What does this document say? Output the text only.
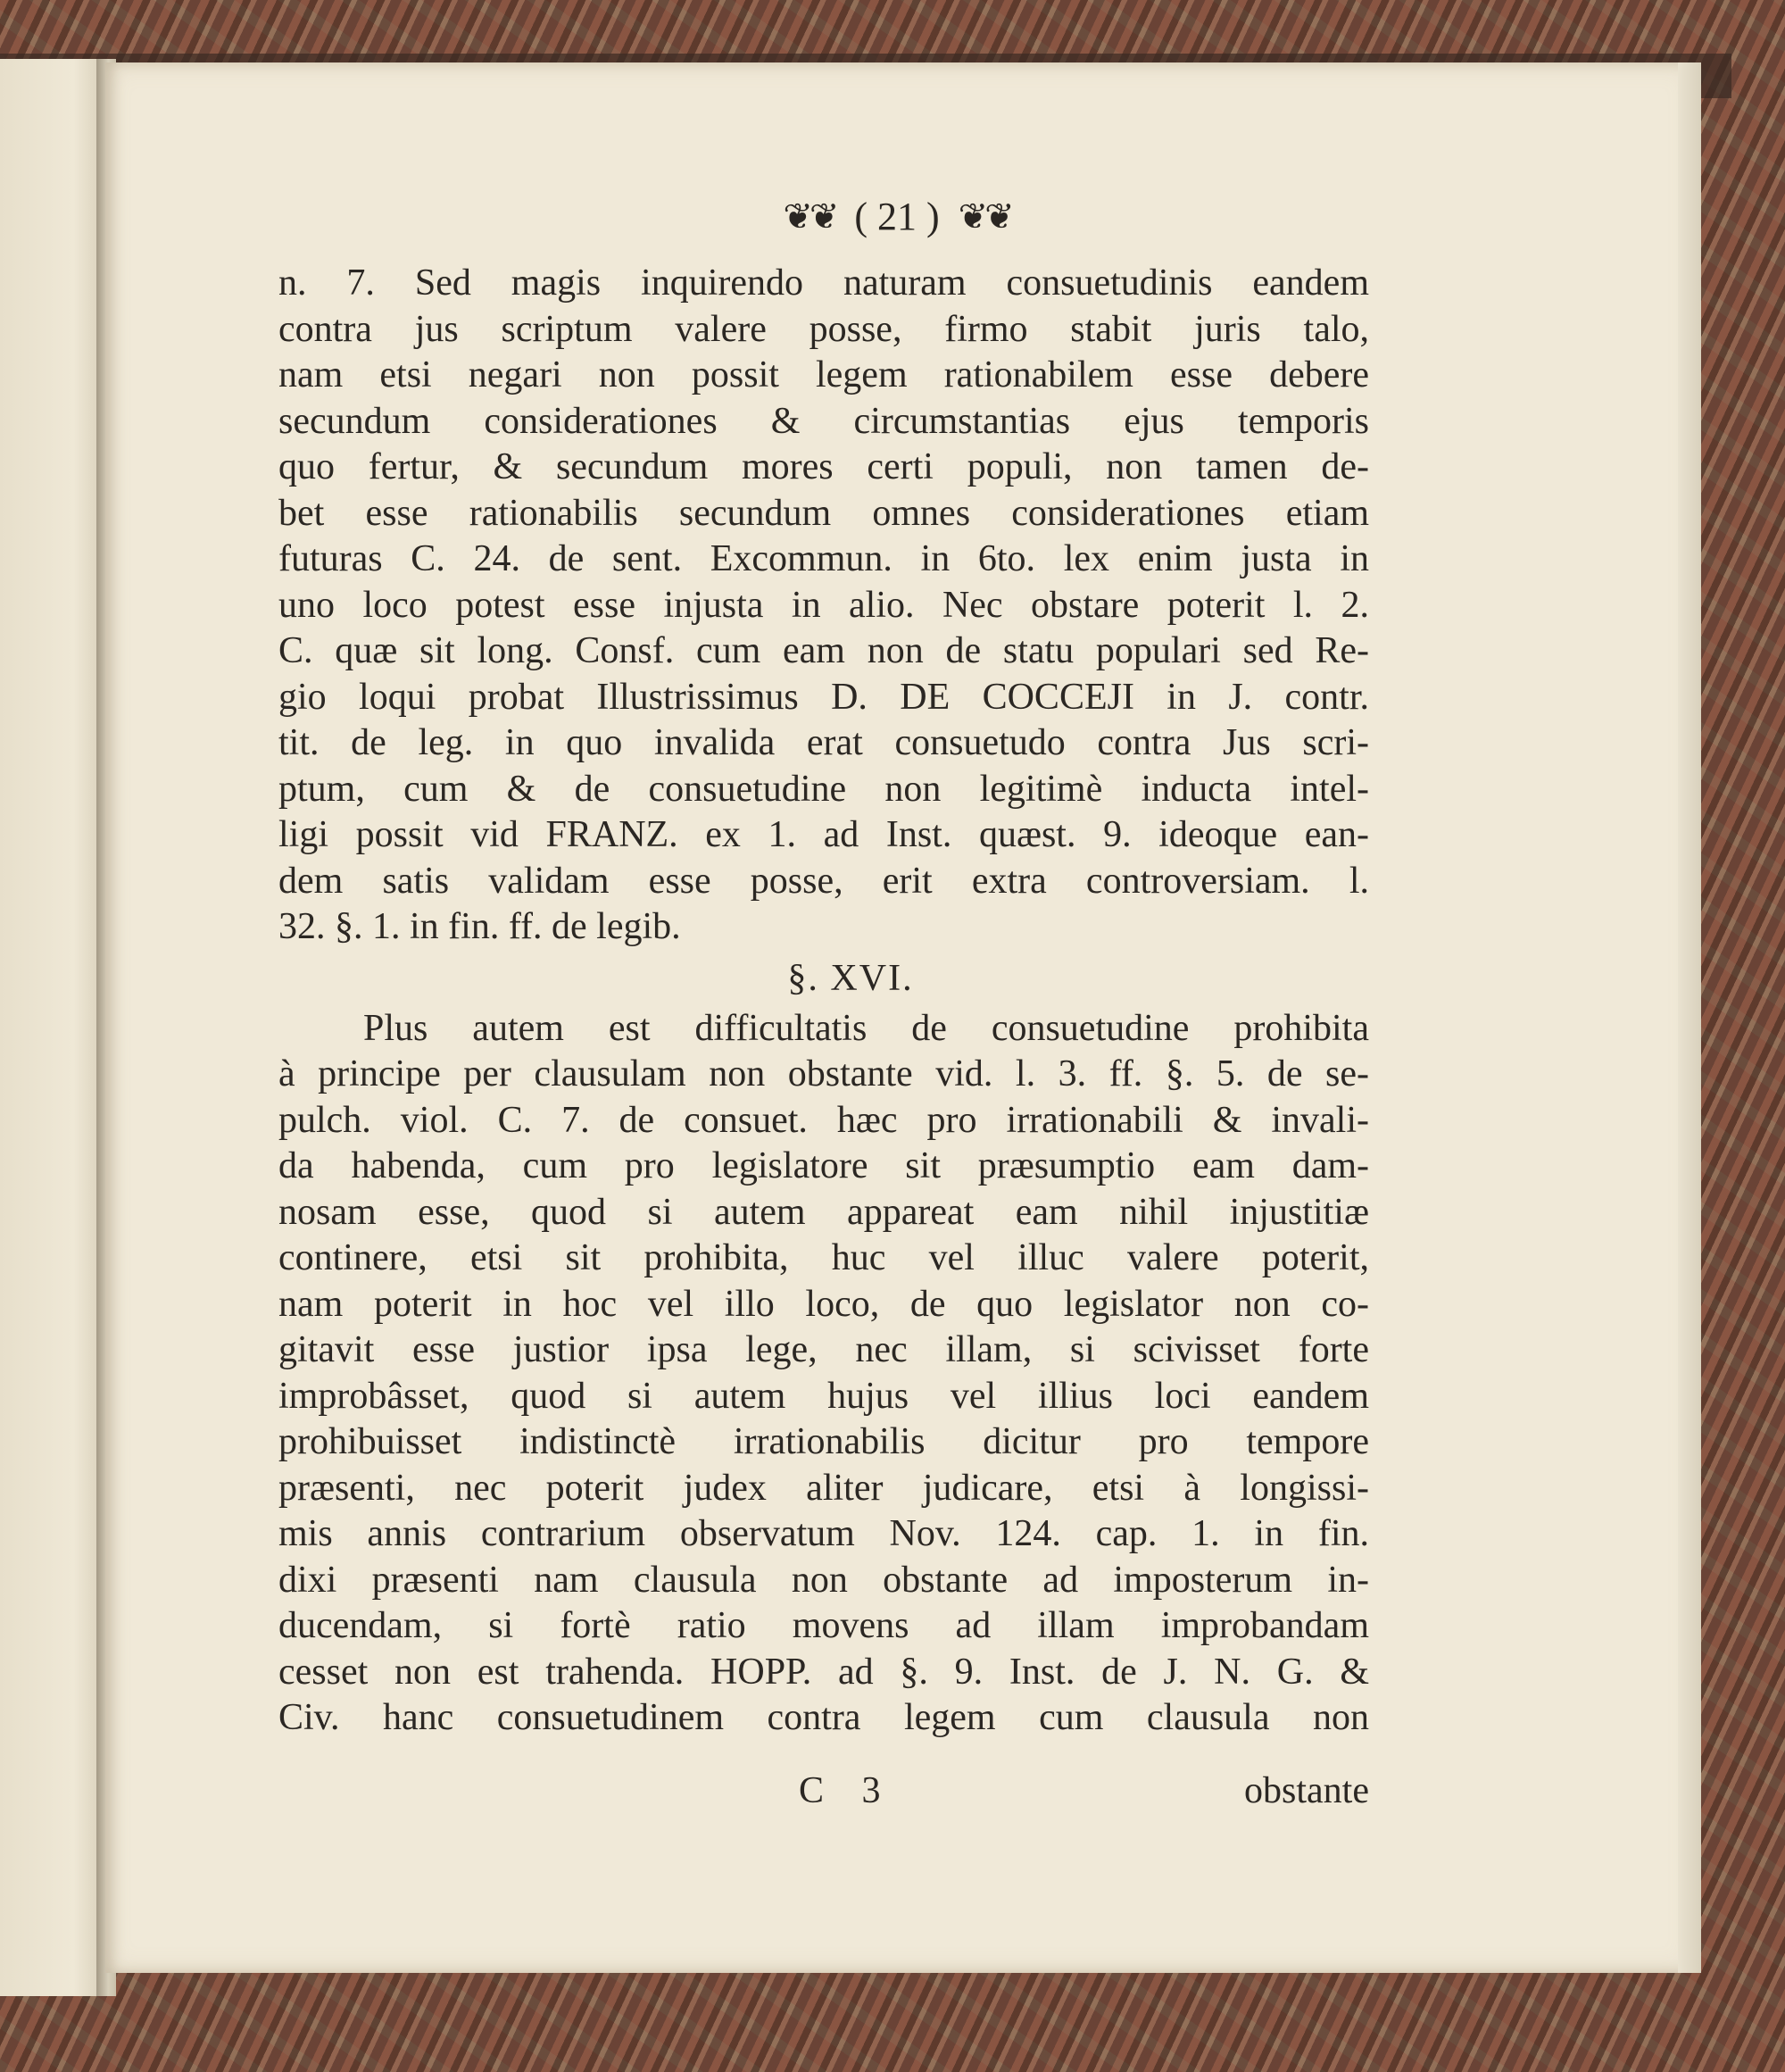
❦❦ ( 21 ) ❦❦
n. 7. Sed magis inquirendo naturam consuetudinis eandem
contra jus scriptum valere posse, firmo stabit juris talo,
nam etsi negari non possit legem rationabilem esse debere
secundum considerationes & circumstantias ejus temporis
quo fertur, & secundum mores certi populi, non tamen de-
bet esse rationabilis secundum omnes considerationes etiam
futuras C. 24. de sent. Excommun. in 6to. lex enim justa in
uno loco potest esse injusta in alio. Nec obstare poterit l. 2.
C. quæ sit long. Consf. cum eam non de statu populari sed Re-
gio loqui probat Illustrissimus D. DE COCCEJI in J. contr.
tit. de leg. in quo invalida erat consuetudo contra Jus scri-
ptum, cum & de consuetudine non legitimè inducta intel-
ligi possit vid FRANZ. ex 1. ad Inst. quæst. 9. ideoque ean-
dem satis validam esse posse, erit extra controversiam. l.
32. §. 1. in fin. ff. de legib.
§. XVI.
Plus autem est difficultatis de consuetudine prohibita
à principe per clausulam non obstante vid. l. 3. ff. §. 5. de se-
pulch. viol. C. 7. de consuet. hæc pro irrationabili & invali-
da habenda, cum pro legislatore sit præsumptio eam dam-
nosam esse, quod si autem appareat eam nihil injustitiæ
continere, etsi sit prohibita, huc vel illuc valere poterit,
nam poterit in hoc vel illo loco, de quo legislator non co-
gitavit esse justior ipsa lege, nec illam, si scivisset forte
improbâsset, quod si autem hujus vel illius loci eandem
prohibuisset indistinctè irrationabilis dicitur pro tempore
præsenti, nec poterit judex aliter judicare, etsi à longissi-
mis annis contrarium observatum Nov. 124. cap. 1. in fin.
dixi præsenti nam clausula non obstante ad imposterum in-
ducendam, si fortè ratio movens ad illam improbandam
cesset non est trahenda. HOPP. ad §. 9. Inst. de J. N. G. &
Civ. hanc consuetudinem contra legem cum clausula non
C 3	obstante
